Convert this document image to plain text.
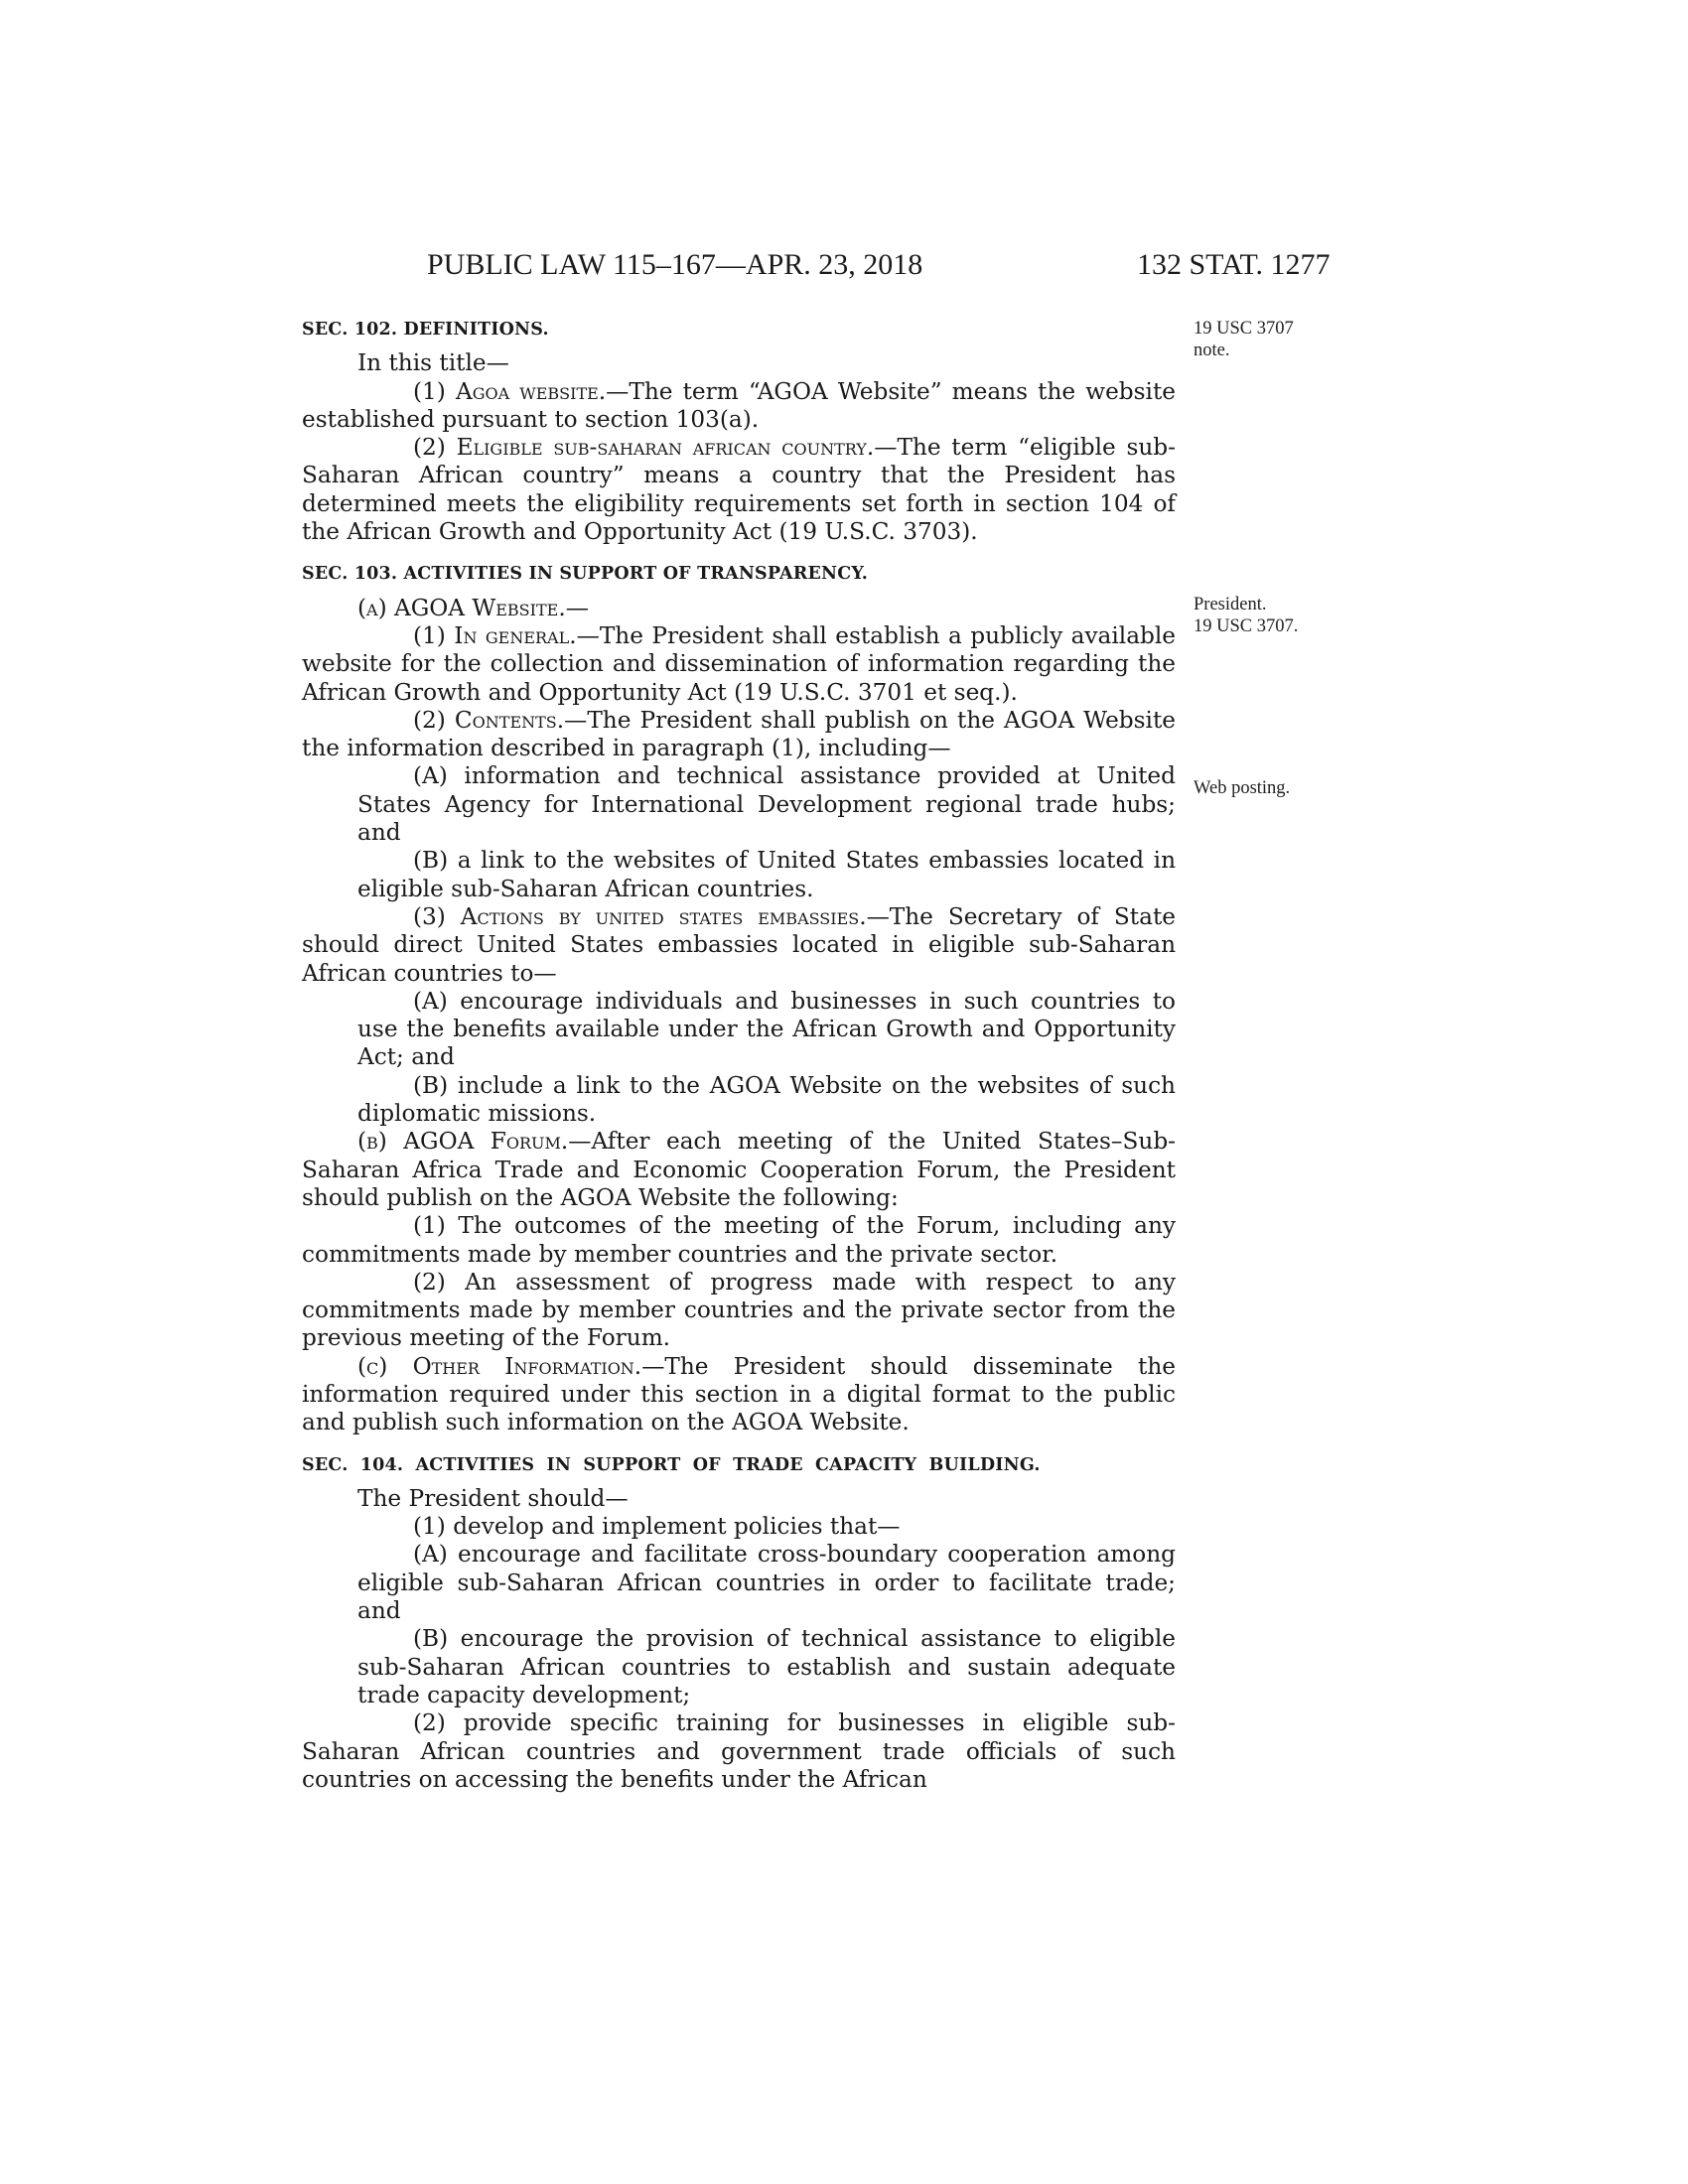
PUBLIC LAW 115–167—APR. 23, 2018	132 STAT. 1277
19 USC 3707
note.
President.
19 USC 3707.
Web posting.
SEC. 102. DEFINITIONS.
In this title—
(1) Agoa website.—The term “AGOA Website” means the website established pursuant to section 103(a).
(2) Eligible sub-saharan african country.—The term “eligible sub-Saharan African country” means a country that the President has determined meets the eligibility requirements set forth in section 104 of the African Growth and Opportunity Act (19 U.S.C. 3703).
SEC. 103. ACTIVITIES IN SUPPORT OF TRANSPARENCY.
(a) AGOA Website.—
(1) In general.—The President shall establish a publicly available website for the collection and dissemination of information regarding the African Growth and Opportunity Act (19 U.S.C. 3701 et seq.).
(2) Contents.—The President shall publish on the AGOA Website the information described in paragraph (1), including—
(A) information and technical assistance provided at United States Agency for International Development regional trade hubs; and
(B) a link to the websites of United States embassies located in eligible sub-Saharan African countries.
(3) Actions by united states embassies.—The Secretary of State should direct United States embassies located in eligible sub-Saharan African countries to—
(A) encourage individuals and businesses in such countries to use the benefits available under the African Growth and Opportunity Act; and
(B) include a link to the AGOA Website on the websites of such diplomatic missions.
(b) AGOA Forum.—After each meeting of the United States–Sub-Saharan Africa Trade and Economic Cooperation Forum, the President should publish on the AGOA Website the following:
(1) The outcomes of the meeting of the Forum, including any commitments made by member countries and the private sector.
(2) An assessment of progress made with respect to any commitments made by member countries and the private sector from the previous meeting of the Forum.
(c) Other Information.—The President should disseminate the information required under this section in a digital format to the public and publish such information on the AGOA Website.
SEC. 104. ACTIVITIES IN SUPPORT OF TRADE CAPACITY BUILDING.
The President should—
(1) develop and implement policies that—
(A) encourage and facilitate cross-boundary cooperation among eligible sub-Saharan African countries in order to facilitate trade; and
(B) encourage the provision of technical assistance to eligible sub-Saharan African countries to establish and sustain adequate trade capacity development;
(2) provide specific training for businesses in eligible sub-Saharan African countries and government trade officials of such countries on accessing the benefits under the African
